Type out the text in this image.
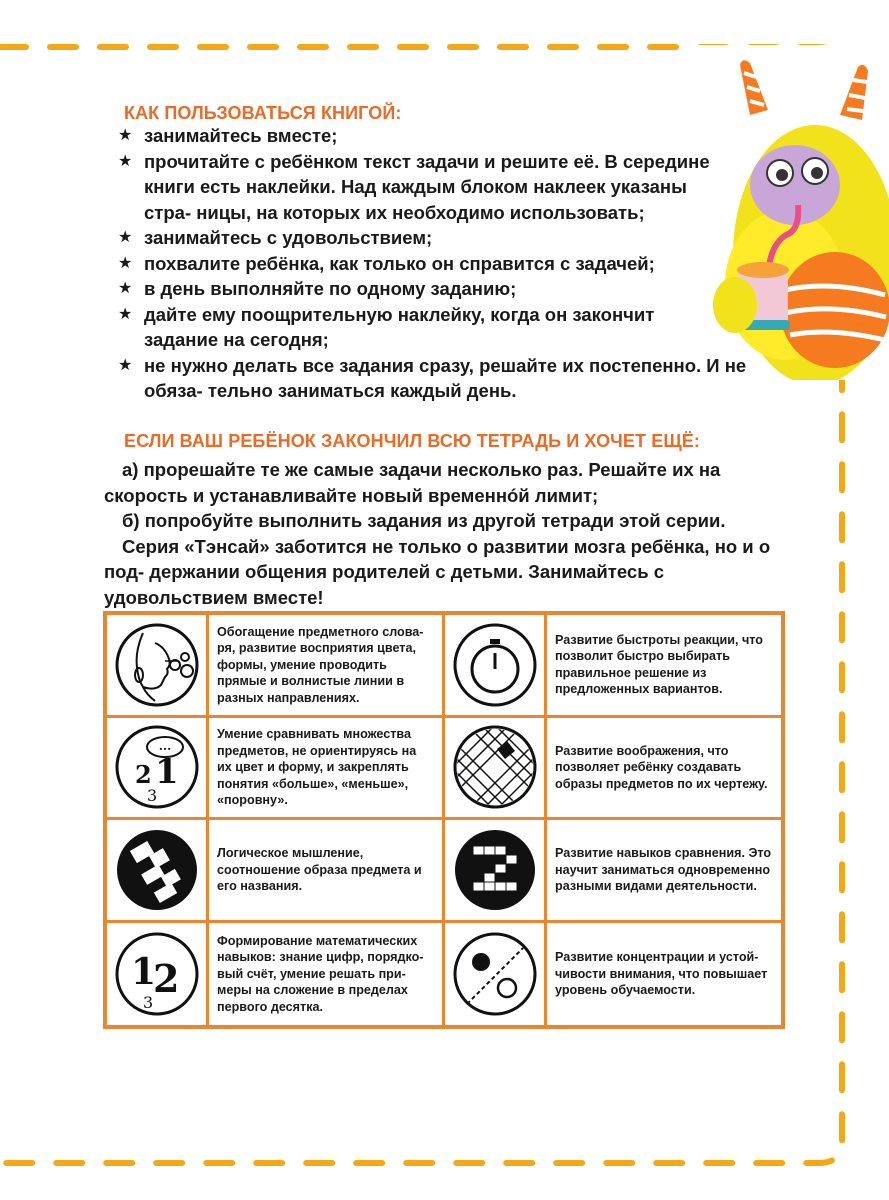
КАК ПОЛЬЗОВАТЬСЯ КНИГОЙ:
★ занимайтесь вместе;
★ прочитайте с ребёнком текст задачи и решите её. В середине книги есть наклейки. Над каждым блоком наклеек указаны стра- ницы, на которых их необходимо использовать;
★ занимайтесь с удовольствием;
★ похвалите ребёнка, как только он справится с задачей;
★ в день выполняйте по одному заданию;
★ дайте ему поощрительную наклейку, когда он закончит задание на сегодня;
★ не нужно делать все задания сразу, решайте их постепенно. И не обяза- тельно заниматься каждый день.
ЕСЛИ ВАШ РЕБЁНОК ЗАКОНЧИЛ ВСЮ ТЕТРАДЬ И ХОЧЕТ ЕЩЁ:

а) прорешайте те же самые задачи несколько раз. Решайте их на скорость и устанавливайте новый временнóй лимит;

б) попробуйте выполнить задания из другой тетради этой серии.

Серия «Тэнсай» заботится не только о развитии мозга ребёнка, но и о под- держании общения родителей с детьми. Занимайтесь с удовольствием вместе!

Обогащение предметного слова- ря, развитие восприятия цвета, формы, умение проводить прямые и волнистые линии в разных направлениях.
Развитие быстроты реакции, что позволит быстро выбирать правильное решение из предложенных вариантов.
...
2 1
3
Умение сравнивать множества предметов, не ориентируясь на их цвет и форму, и закреплять понятия «больше», «меньше», «поровну».
Развитие воображения, что позволяет ребёнку создавать образы предметов по их чертежу.
Логическое мышление, соотношение образа предмета и его названия.
Развитие навыков сравнения. Это научит заниматься одновременно разными видами деятельности.
1
2
3
Формирование математических навыков: знание цифр, порядко- вый счёт, умение решать при- меры на сложение в пределах первого десятка.
Развитие концентрации и устой- чивости внимания, что повышает уровень обучаемости.
